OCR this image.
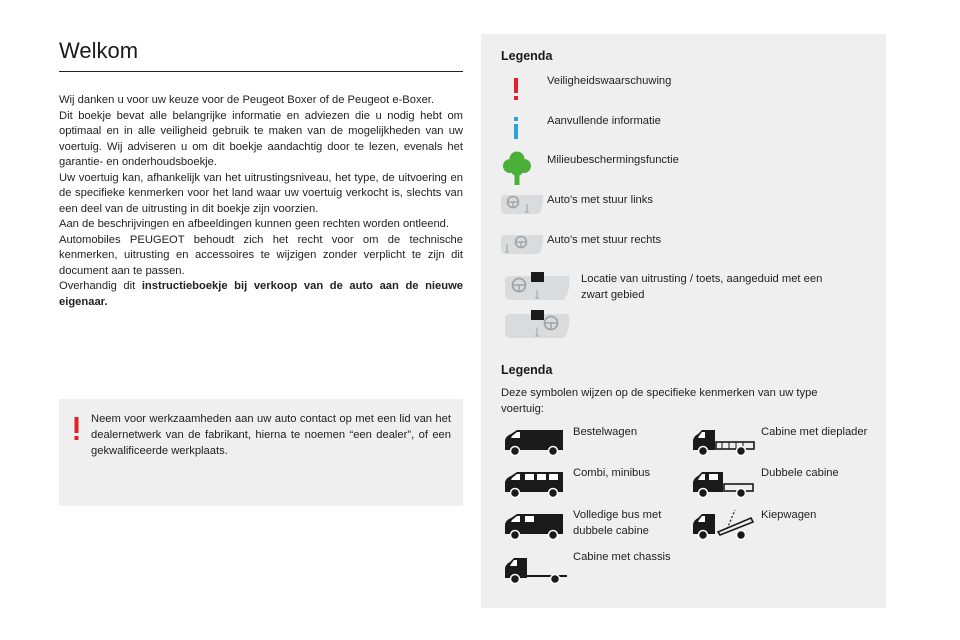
Welkom

Wij danken u voor uw keuze voor de Peugeot Boxer of de Peugeot e-Boxer.

Dit boekje bevat alle belangrijke informatie en adviezen die u nodig hebt om optimaal en in alle veiligheid gebruik te maken van de mogelijkheden van uw voertuig. Wij adviseren u om dit boekje aandachtig door te lezen, evenals het garantie- en onderhoudsboekje.

Uw voertuig kan, afhankelijk van het uitrustingsniveau, het type, de uitvoering en de specifieke kenmerken voor het land waar uw voertuig verkocht is, slechts van een deel van de uitrusting in dit boekje zijn voorzien.

Aan de beschrijvingen en afbeeldingen kunnen geen rechten worden ontleend.

Automobiles PEUGEOT behoudt zich het recht voor om de technische kenmerken, uitrusting en accessoires te wijzigen zonder verplicht te zijn dit document aan te passen.

Overhandig dit instructieboekje bij verkoop van de auto aan de nieuwe eigenaar.

Neem voor werkzaamheden aan uw auto contact op met een lid van het dealernetwerk van de fabrikant, hierna te noemen “een dealer”, of een gekwalificeerde werkplaats.
Legenda
Veiligheidswaarschuwing
Aanvullende informatie
Milieubeschermingsfunctie
Auto's met stuur links
Auto's met stuur rechts
Locatie van uitrusting / toets, aangeduid met een zwart gebied
Legenda
Deze symbolen wijzen op de specifieke kenmerken van uw type voertuig:
Bestelwagen	Cabine met dieplader
Combi, minibus	Dubbele cabine
Volledige bus met dubbele cabine
Kiepwagen
Cabine met chassis
